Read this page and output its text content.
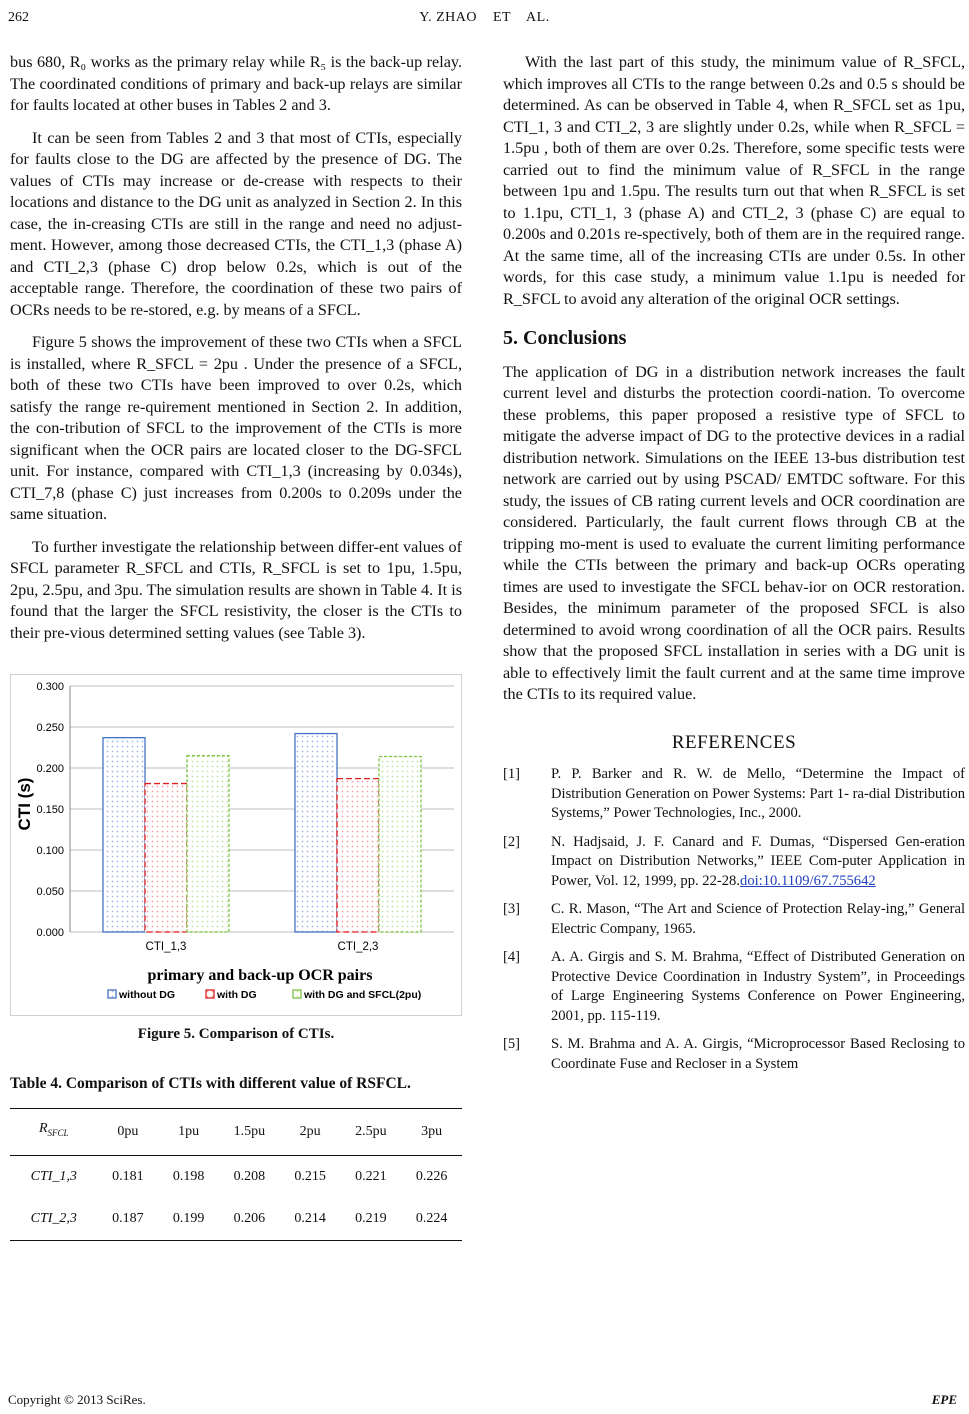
262	Y. ZHAO    ET    AL.

bus 680, R₀ works as the primary relay while R₅ is the back-up relay. The coordinated conditions of primary and back-up relays are similar for faults located at other buses in Tables 2 and 3.

It can be seen from Tables 2 and 3 that most of CTIs, especially for faults close to the DG are affected by the presence of DG. The values of CTIs may increase or de-crease with respects to their locations and distance to the DG unit as analyzed in Section 2. In this case, the in-creasing CTIs are still in the range and need no adjust-ment. However, among those decreased CTIs, the CTI_1,3 (phase A) and CTI_2,3 (phase C) drop below 0.2s, which is out of the acceptable range. Therefore, the coordination of these two pairs of OCRs needs to be re-stored, e.g. by means of a SFCL.

Figure 5 shows the improvement of these two CTIs when a SFCL is installed, where R_SFCL = 2pu . Under the presence of a SFCL, both of these two CTIs have been improved to over 0.2s, which satisfy the range re-quirement mentioned in Section 2. In addition, the con-tribution of SFCL to the improvement of the CTIs is more significant when the OCR pairs are located closer to the DG-SFCL unit. For instance, compared with CTI_1,3 (increasing by 0.034s), CTI_7,8 (phase C) just increases from 0.200s to 0.209s under the same situation.

To further investigate the relationship between differ-ent values of SFCL parameter R_SFCL and CTIs, R_SFCL is set to 1pu, 1.5pu, 2pu, 2.5pu, and 3pu. The simulation results are shown in Table 4. It is found that the larger the SFCL resistivity, the closer is the CTIs to their pre-vious determined setting values (see Table 3).

0.000
0.050
0.100
0.150
0.200
0.250
0.300
CTI_1,3	CTI_2,3
CTI (s)
primary and back-up OCR pairs
without DG	with DG	with DG and SFCL(2pu)
Figure 5. Comparison of CTIs.
Table 4. Comparison of CTIs with different value of RSFCL.
$R_{SFCL}$	0pu	1pu	1.5pu	2pu	2.5pu	3pu
CTI_1,3	0.181	0.198	0.208	0.215	0.221	0.226
CTI_2,3	0.187	0.199	0.206	0.214	0.219	0.224

With the last part of this study, the minimum value of R_SFCL, which improves all CTIs to the range between 0.2s and 0.5 s should be determined. As can be observed in Table 4, when R_SFCL set as 1pu, CTI_1, 3 and CTI_2, 3 are slightly under 0.2s, while when R_SFCL = 1.5pu , both of them are over 0.2s. Therefore, some specific tests were carried out to find the minimum value of R_SFCL in the range between 1pu and 1.5pu. The results turn out that when R_SFCL is set to 1.1pu, CTI_1, 3 (phase A) and CTI_2, 3 (phase C) are equal to 0.200s and 0.201s re-spectively, both of them are in the required range. At the same time, all of the increasing CTIs are under 0.5s. In other words, for this case study, a minimum value 1.1pu is needed for R_SFCL to avoid any alteration of the original OCR settings.

5. Conclusions

The application of DG in a distribution network increases the fault current level and disturbs the protection coordi-nation. To overcome these problems, this paper proposed a resistive type of SFCL to mitigate the adverse impact of DG to the protective devices in a radial distribution network. Simulations on the IEEE 13-bus distribution test network are carried out by using PSCAD/ EMTDC software. For this study, the issues of CB rating current levels and OCR coordination are considered. Particularly, the fault current flows through CB at the tripping mo-ment is used to evaluate the current limiting performance while the CTIs between the primary and back-up OCRs operating times are used to investigate the SFCL behav-ior on OCR restoration. Besides, the minimum parameter of the proposed SFCL is also determined to avoid wrong coordination of all the OCR pairs. Results show that the proposed SFCL installation in series with a DG unit is able to effectively limit the fault current and at the same time improve the CTIs to its required value.

REFERENCES
[1]	P. P. Barker and R. W. de Mello, “Determine the Impact of Distribution Generation on Power Systems: Part 1- ra-dial Distribution Systems,” Power Technologies, Inc., 2000.
[2]	N. Hadjsaid, J. F. Canard and F. Dumas, “Dispersed Gen-eration Impact on Distribution Networks,” IEEE Com-puter Application in Power, Vol. 12, 1999, pp. 22-28.doi:10.1109/67.755642
[3]	C. R. Mason, “The Art and Science of Protection Relay-ing,” General Electric Company, 1965.
[4]	A. A. Girgis and S. M. Brahma, “Effect of Distributed Generation on Protective Device Coordination in Industry System”, in Proceedings of Large Engineering Systems Conference on Power Engineering, 2001, pp. 115-119.
[5]	S. M. Brahma and A. A. Girgis, “Microprocessor Based Reclosing to Coordinate Fuse and Recloser in a System
Copyright © 2013 SciRes.	EPE
